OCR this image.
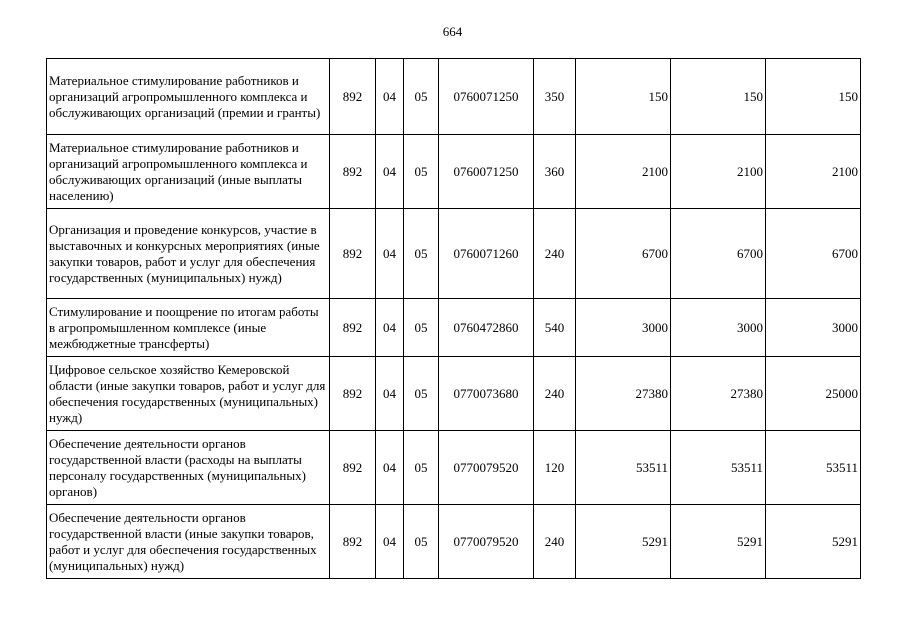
664
Материальное стимулирование работников и организаций агропромышленного комплекса и обслуживающих организаций (премии и гранты)	892	04	05	0760071250	350	150	150	150
Материальное стимулирование работников и организаций агропромышленного комплекса и обслуживающих организаций (иные выплаты населению)	892	04	05	0760071250	360	2100	2100	2100
Организация и проведение конкурсов, участие в выставочных и конкурсных мероприятиях (иные закупки товаров, работ и услуг для обеспечения государственных (муниципальных) нужд)	892	04	05	0760071260	240	6700	6700	6700
Стимулирование и поощрение по итогам работы в агропромышленном комплексе (иные межбюджетные трансферты)	892	04	05	0760472860	540	3000	3000	3000
Цифровое сельское хозяйство Кемеровской области (иные закупки товаров, работ и услуг для обеспечения государственных (муниципальных) нужд)	892	04	05	0770073680	240	27380	27380	25000
Обеспечение деятельности органов государственной власти (расходы на выплаты персоналу государственных (муниципальных) органов)	892	04	05	0770079520	120	53511	53511	53511
Обеспечение деятельности органов государственной власти (иные закупки товаров, работ и услуг для обеспечения государственных (муниципальных) нужд)	892	04	05	0770079520	240	5291	5291	5291
